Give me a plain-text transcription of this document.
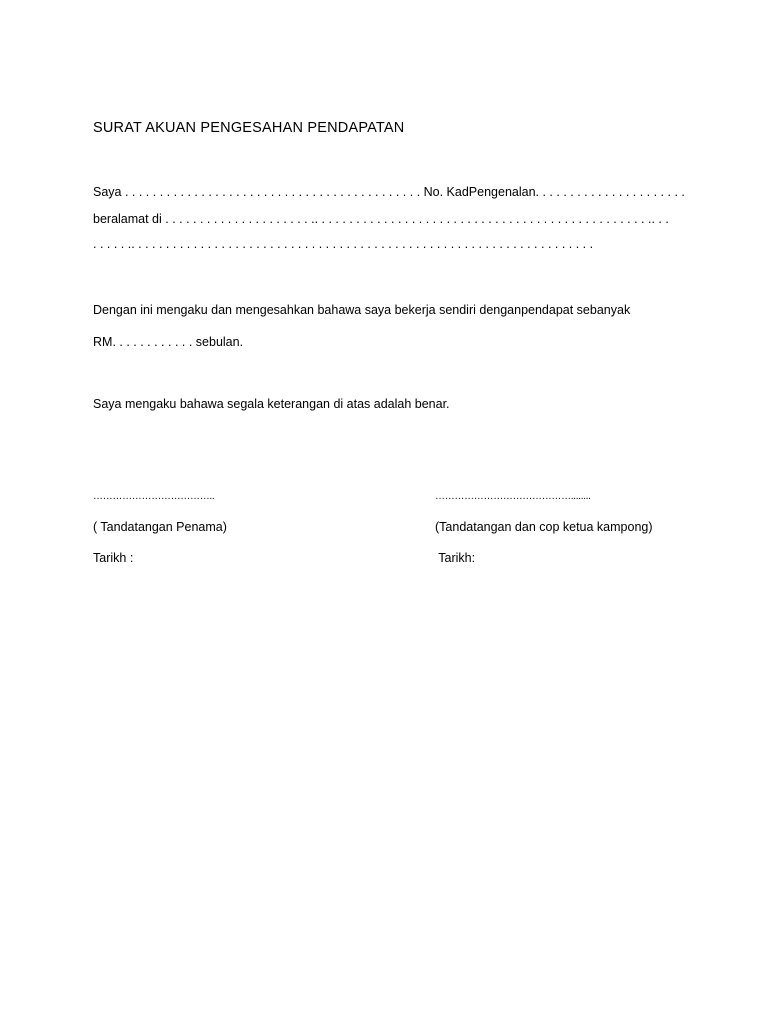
SURAT AKUAN PENGESAHAN PENDAPATAN
Saya . . . . . . . . . . . . . . . . . . . . . . . . . . . . . . . . . . . . . . . . . . . No. KadPengenalan. . . . . . . . . . . . . . . . . . . . . .
beralamat di . . . . . . . . . . . . . . . . . . . . . .. . . . . . . . . . . . . . . . . . . . . . . . . . . . . . . . . . . . . . . . . . . . . . . . .. . .
. . . . . .. . . . . . . . . . . . . . . . . . . . . . . . . . . . . . . . . . . . . . . . . . . . . . . . . . . . . . . . . . . . . . . . . . .
Dengan ini mengaku dan mengesahkan bahawa saya bekerja sendiri denganpendapat sebanyak
RM. . . . . . . . . . . . sebulan.
Saya mengaku bahawa segala keterangan di atas adalah benar.
………………………………..	……………………………………........
( Tandatangan Penama)	(Tandatangan dan cop ketua kampong)
Tarikh :	Tarikh:
